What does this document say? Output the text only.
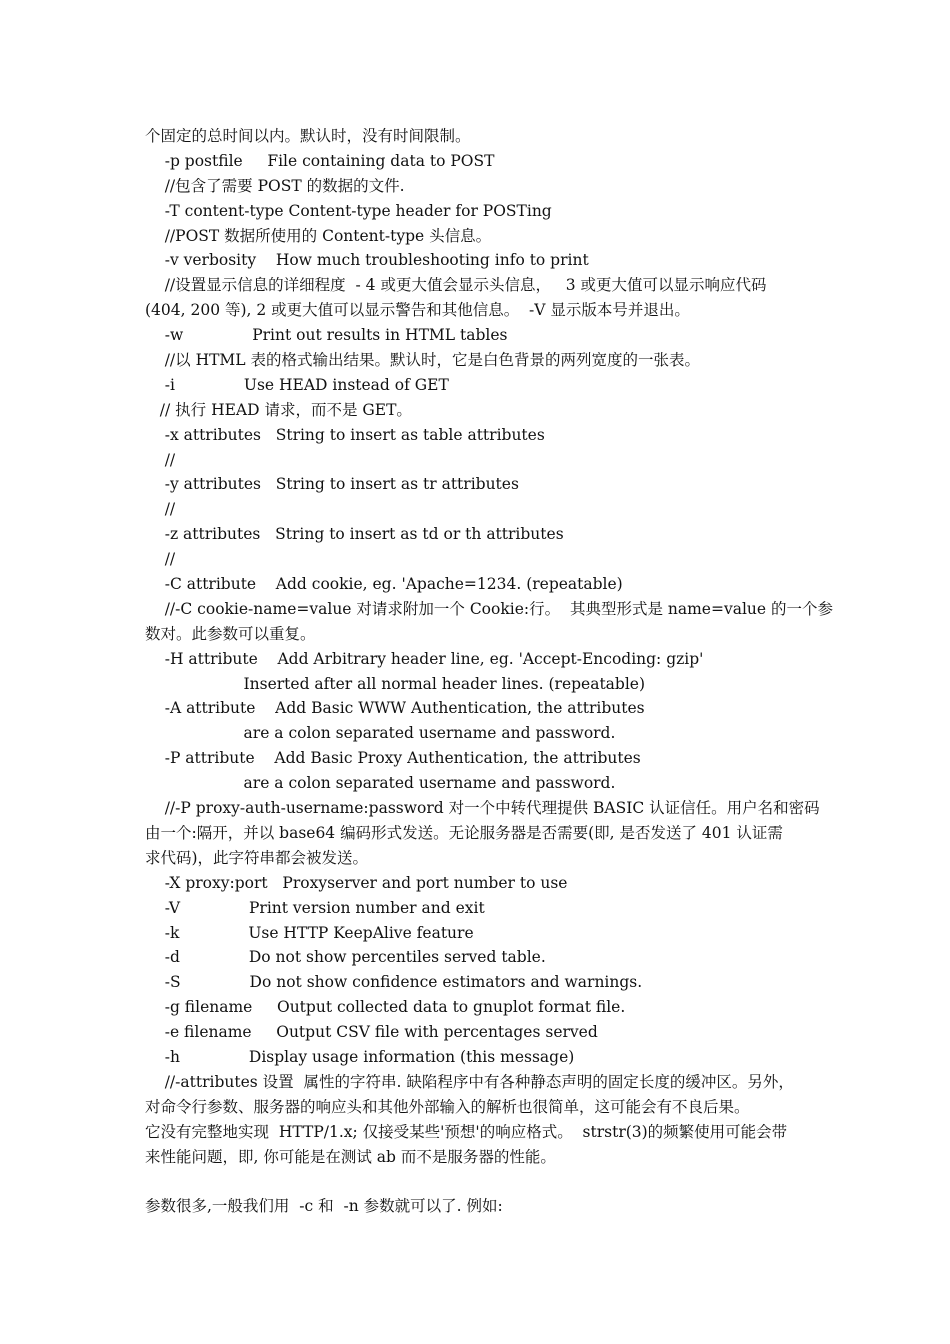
个固定的总时间以内。默认时，没有时间限制。
-p postfile     File containing data to POST
//包含了需要 POST 的数据的文件.
-T content-type Content-type header for POSTing
//POST 数据所使用的 Content-type 头信息。
-v verbosity    How much troubleshooting info to print
//设置显示信息的详细程度  - 4 或更大值会显示头信息，   3 或更大值可以显示响应代码
(404, 200 等), 2 或更大值可以显示警告和其他信息。  -V 显示版本号并退出。
-w              Print out results in HTML tables
//以 HTML 表的格式输出结果。默认时，它是白色背景的两列宽度的一张表。
-i              Use HEAD instead of GET
// 执行 HEAD 请求，而不是 GET。
-x attributes   String to insert as table attributes
//
-y attributes   String to insert as tr attributes
//
-z attributes   String to insert as td or th attributes
//
-C attribute    Add cookie, eg. 'Apache=1234. (repeatable)
//-C cookie-name=value 对请求附加一个 Cookie:行。  其典型形式是 name=value 的一个参
数对。此参数可以重复。
-H attribute    Add Arbitrary header line, eg. 'Accept-Encoding: gzip'
Inserted after all normal header lines. (repeatable)
-A attribute    Add Basic WWW Authentication, the attributes
are a colon separated username and password.
-P attribute    Add Basic Proxy Authentication, the attributes
are a colon separated username and password.
//-P proxy-auth-username:password 对一个中转代理提供 BASIC 认证信任。用户名和密码
由一个:隔开，并以 base64 编码形式发送。无论服务器是否需要(即, 是否发送了 401 认证需
求代码)，此字符串都会被发送。
-X proxy:port   Proxyserver and port number to use
-V              Print version number and exit
-k              Use HTTP KeepAlive feature
-d              Do not show percentiles served table.
-S              Do not show confidence estimators and warnings.
-g filename     Output collected data to gnuplot format file.
-e filename     Output CSV file with percentages served
-h              Display usage information (this message)
//-attributes 设置  属性的字符串. 缺陷程序中有各种静态声明的固定长度的缓冲区。另外，
对命令行参数、服务器的响应头和其他外部输入的解析也很简单，这可能会有不良后果。
它没有完整地实现  HTTP/1.x; 仅接受某些'预想'的响应格式。  strstr(3)的频繁使用可能会带
来性能问题，即, 你可能是在测试 ab 而不是服务器的性能。
参数很多,一般我们用  -c 和  -n 参数就可以了. 例如:
